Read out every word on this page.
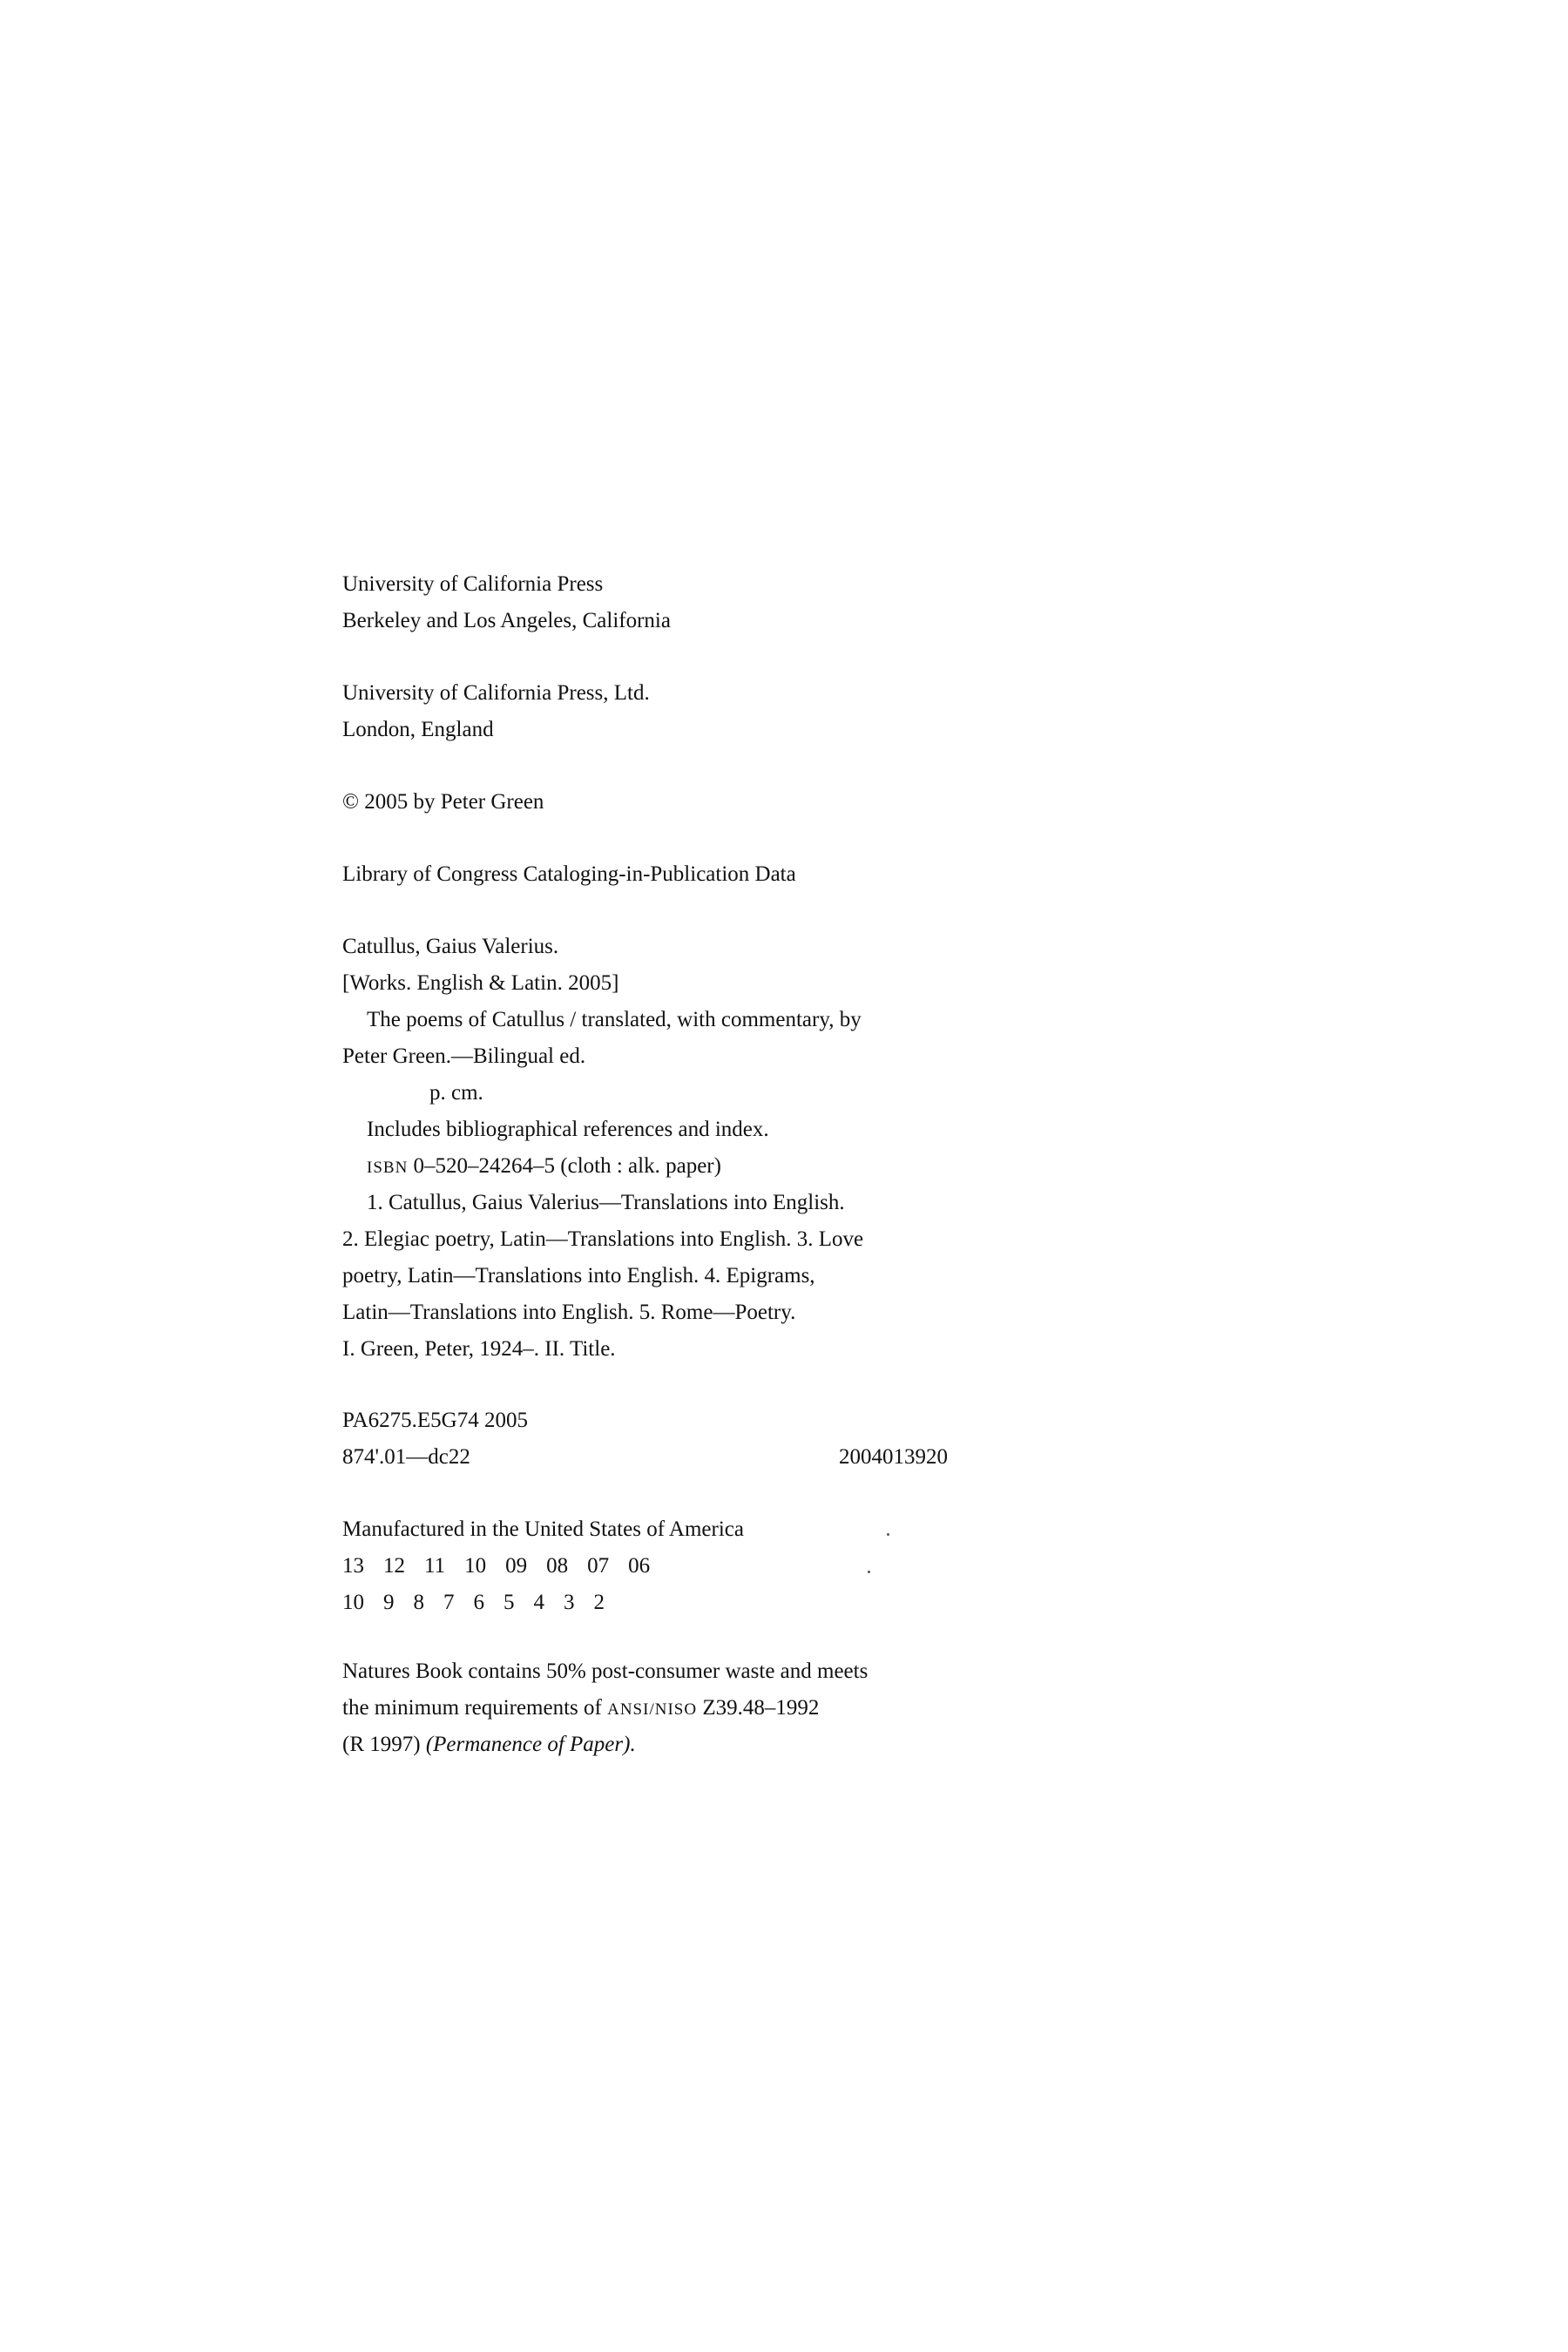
University of California Press
Berkeley and Los Angeles, California
University of California Press, Ltd.
London, England
© 2005 by Peter Green
Library of Congress Cataloging-in-Publication Data
Catullus, Gaius Valerius.
[Works. English & Latin. 2005]
The poems of Catullus / translated, with commentary, by
Peter Green.—Bilingual ed.
p. cm.
Includes bibliographical references and index.
ISBN 0–520–24264–5 (cloth : alk. paper)
1. Catullus, Gaius Valerius—Translations into English.
2. Elegiac poetry, Latin—Translations into English. 3. Love
poetry, Latin—Translations into English. 4. Epigrams,
Latin—Translations into English. 5. Rome—Poetry.
I. Green, Peter, 1924–. II. Title.
PA6275.E5G74 2005
874'.01—dc22	2004013920
Manufactured in the United States of America
13 12 11 10 09 08 07 06
10 9 8 7 6 5 4 3 2
Natures Book contains 50% post-consumer waste and meets
the minimum requirements of ANSI/NISO Z39.48–1992
(R 1997) (Permanence of Paper).
